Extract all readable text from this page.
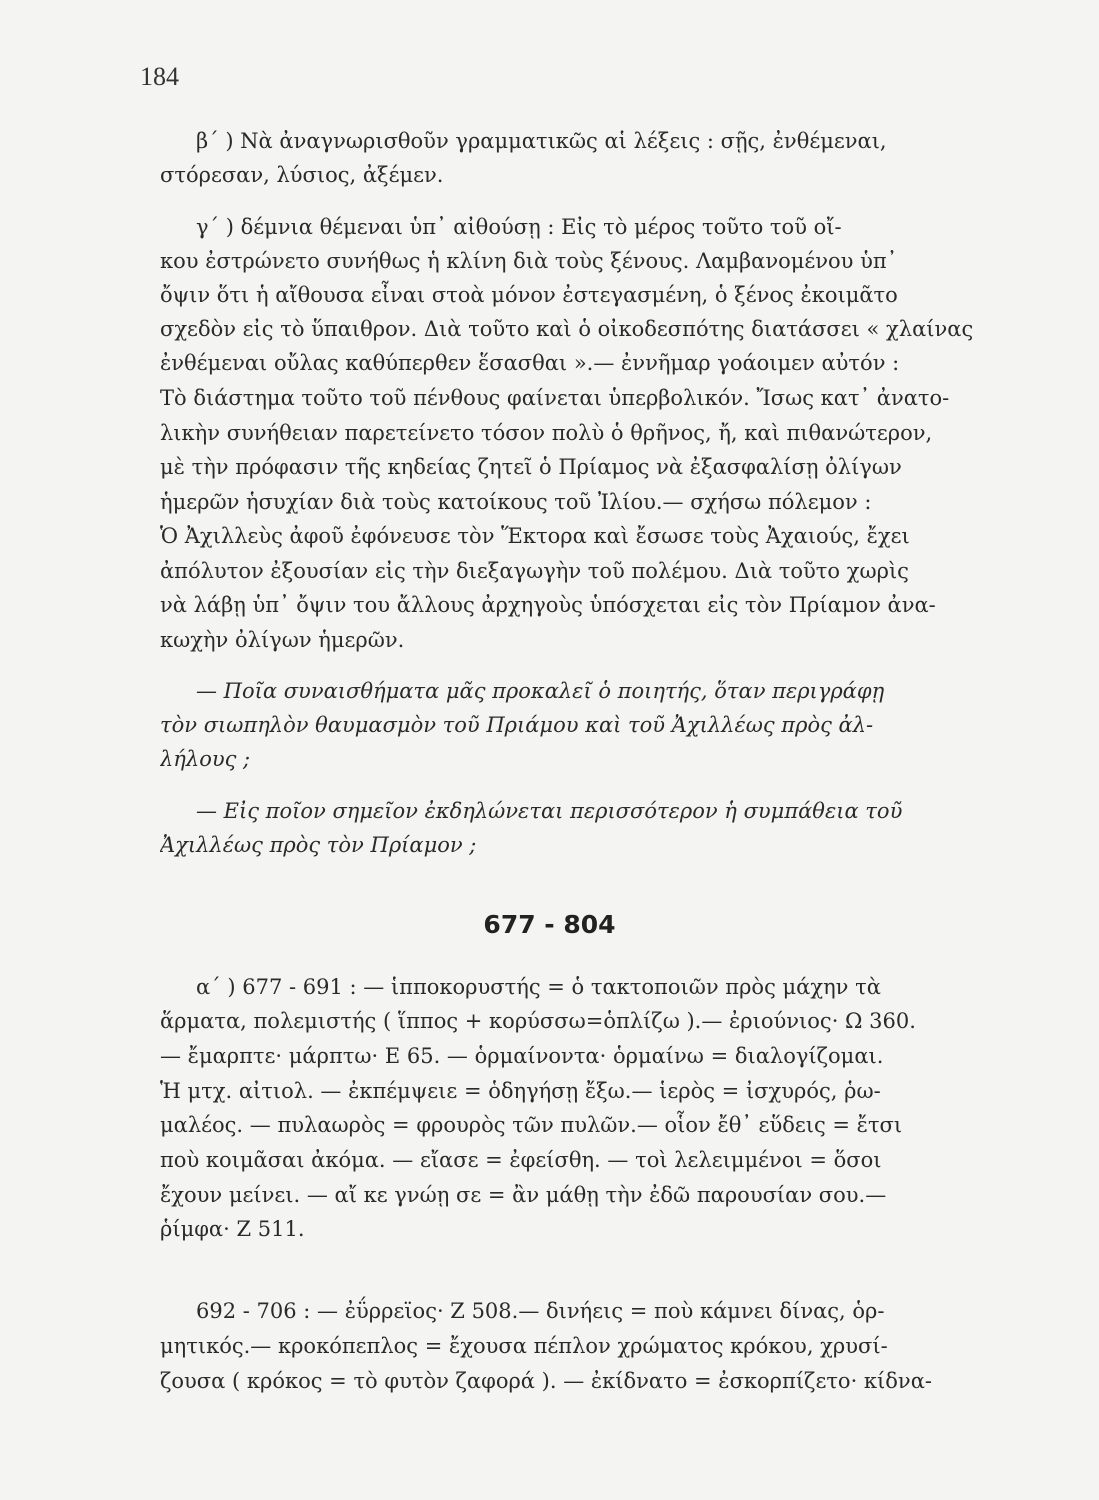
184
β΄ ) Νὰ ἀναγνωρισθοῦν γραμματικῶς αἱ λέξεις : σῇς, ἐνθέμεναι,
στόρεσαν, λύσιος, ἀξέμεν.
γ΄ ) δέμνια θέμεναι ὑπ᾽ αἰθούσῃ : Εἰς τὸ μέρος τοῦτο τοῦ οἴ-
κου ἐστρώνετο συνήθως ἡ κλίνη διὰ τοὺς ξένους. Λαμβανομένου ὑπ᾽
ὄψιν ὅτι ἡ αἴθουσα εἶναι στοὰ μόνον ἐστεγασμένη, ὁ ξένος ἐκοιμᾶτο
σχεδὸν εἰς τὸ ὕπαιθρον. Διὰ τοῦτο καὶ ὁ οἰκοδεσπότης διατάσσει « χλαίνας
ἐνθέμεναι οὔλας καθύπερθεν ἕσασθαι ».— ἐννῆμαρ γοάοιμεν αὐτόν :
Τὸ διάστημα τοῦτο τοῦ πένθους φαίνεται ὑπερβολικόν. Ἴσως κατ᾽ ἀνατο-
λικὴν συνήθειαν παρετείνετο τόσον πολὺ ὁ θρῆνος, ἤ, καὶ πιθανώτερον,
μὲ τὴν πρόφασιν τῆς κηδείας ζητεῖ ὁ Πρίαμος νὰ ἐξασφαλίσῃ ὀλίγων
ἡμερῶν ἡσυχίαν διὰ τοὺς κατοίκους τοῦ Ἰλίου.— σχήσω πόλεμον :
Ὁ Ἀχιλλεὺς ἀφοῦ ἐφόνευσε τὸν Ἕκτορα καὶ ἔσωσε τοὺς Ἀχαιούς, ἔχει
ἀπόλυτον ἐξουσίαν εἰς τὴν διεξαγωγὴν τοῦ πολέμου. Διὰ τοῦτο χωρὶς
νὰ λάβῃ ὑπ᾽ ὄψιν του ἄλλους ἀρχηγοὺς ὑπόσχεται εἰς τὸν Πρίαμον ἀνα-
κωχὴν ὀλίγων ἡμερῶν.
— Ποῖα συναισθήματα μᾶς προκαλεῖ ὁ ποιητής, ὅταν περιγράφῃ
τὸν σιωπηλὸν θαυμασμὸν τοῦ Πριάμου καὶ τοῦ Ἀχιλλέως πρὸς ἀλ-
λήλους ;
— Εἰς ποῖον σημεῖον ἐκδηλώνεται περισσότερον ἡ συμπάθεια τοῦ
Ἀχιλλέως πρὸς τὸν Πρίαμον ;
677 - 804
α΄ ) 677 - 691 : — ἱπποκορυστής = ὁ τακτοποιῶν πρὸς μάχην τὰ
ἅρματα, πολεμιστής ( ἵππος + κορύσσω=ὁπλίζω ).— ἐριούνιος· Ω 360.
— ἔμαρπτε· μάρπτω· Ε 65. — ὁρμαίνοντα· ὁρμαίνω = διαλογίζομαι.
Ἡ μτχ. αἰτιολ. — ἐκπέμψειε = ὁδηγήσῃ ἔξω.— ἱερὸς = ἰσχυρός, ῥω-
μαλέος. — πυλαωρὸς = φρουρὸς τῶν πυλῶν.— οἷον ἔθ᾽ εὕδεις = ἔτσι
ποὺ κοιμᾶσαι ἀκόμα. — εἴασε = ἐφείσθη. — τοὶ λελειμμένοι = ὅσοι
ἔχουν μείνει. — αἴ κε γνώῃ σε = ἂν μάθῃ τὴν ἐδῶ παρουσίαν σου.—
ῥίμφα· Ζ 511.
692 - 706 : — ἐΰρρεϊος· Ζ 508.— δινήεις = ποὺ κάμνει δίνας, ὁρ-
μητικός.— κροκόπεπλος = ἔχουσα πέπλον χρώματος κρόκου, χρυσί-
ζουσα ( κρόκος = τὸ φυτὸν ζαφορά ). — ἐκίδνατο = ἐσκορπίζετο· κίδνα-
